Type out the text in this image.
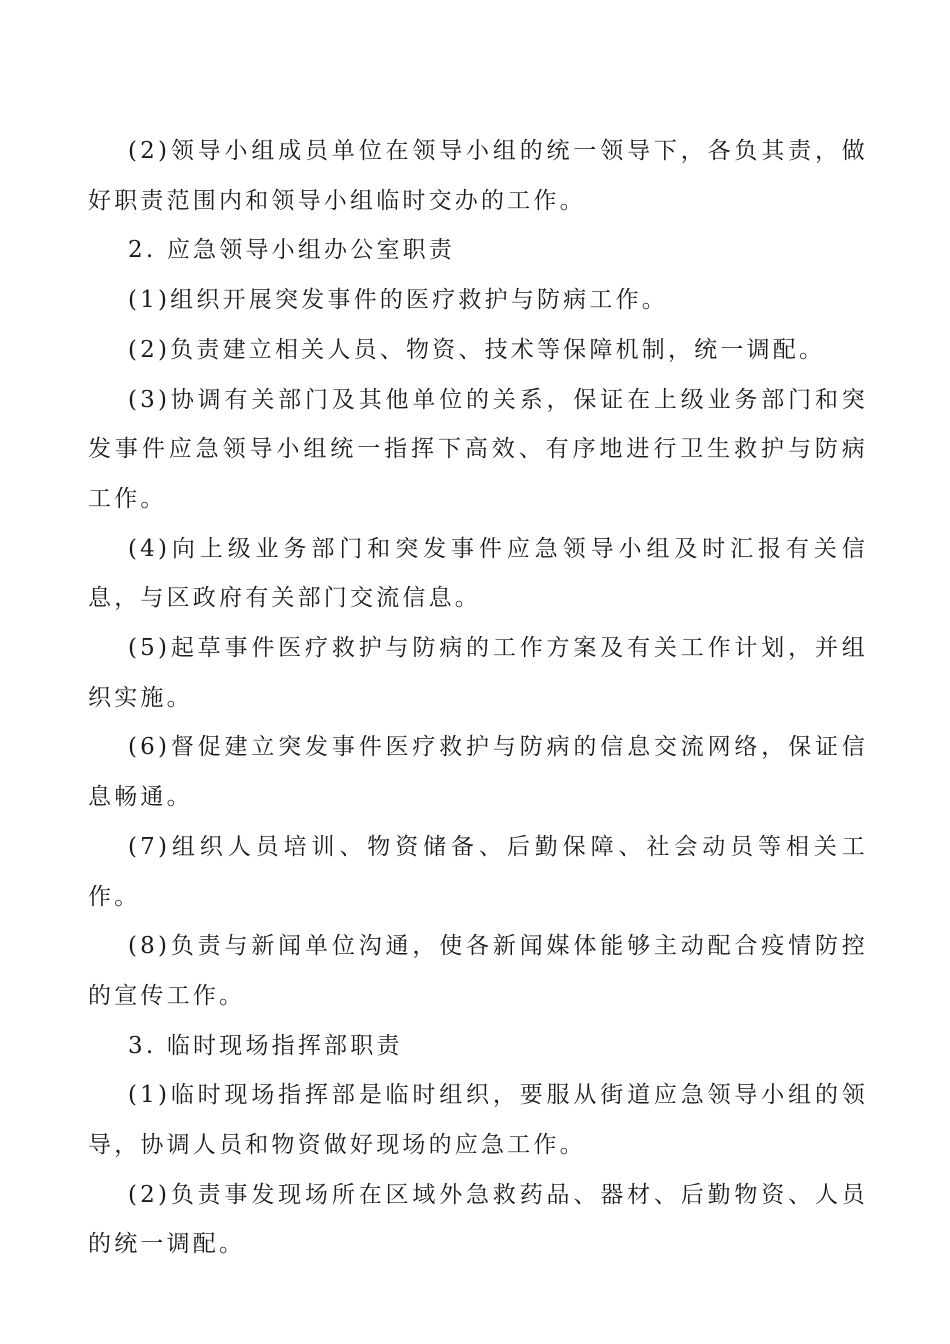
(2)领导小组成员单位在领导小组的统一领导下，各负其责，做好职责范围内和领导小组临时交办的工作。

2. 应急领导小组办公室职责

(1)组织开展突发事件的医疗救护与防病工作。

(2)负责建立相关人员、物资、技术等保障机制，统一调配。

(3)协调有关部门及其他单位的关系，保证在上级业务部门和突发事件应急领导小组统一指挥下高效、有序地进行卫生救护与防病工作。

(4)向上级业务部门和突发事件应急领导小组及时汇报有关信息，与区政府有关部门交流信息。

(5)起草事件医疗救护与防病的工作方案及有关工作计划，并组织实施。

(6)督促建立突发事件医疗救护与防病的信息交流网络，保证信息畅通。

(7)组织人员培训、物资储备、后勤保障、社会动员等相关工作。

(8)负责与新闻单位沟通，使各新闻媒体能够主动配合疫情防控的宣传工作。

3. 临时现场指挥部职责

(1)临时现场指挥部是临时组织，要服从街道应急领导小组的领导，协调人员和物资做好现场的应急工作。

(2)负责事发现场所在区域外急救药品、器材、后勤物资、人员的统一调配。
